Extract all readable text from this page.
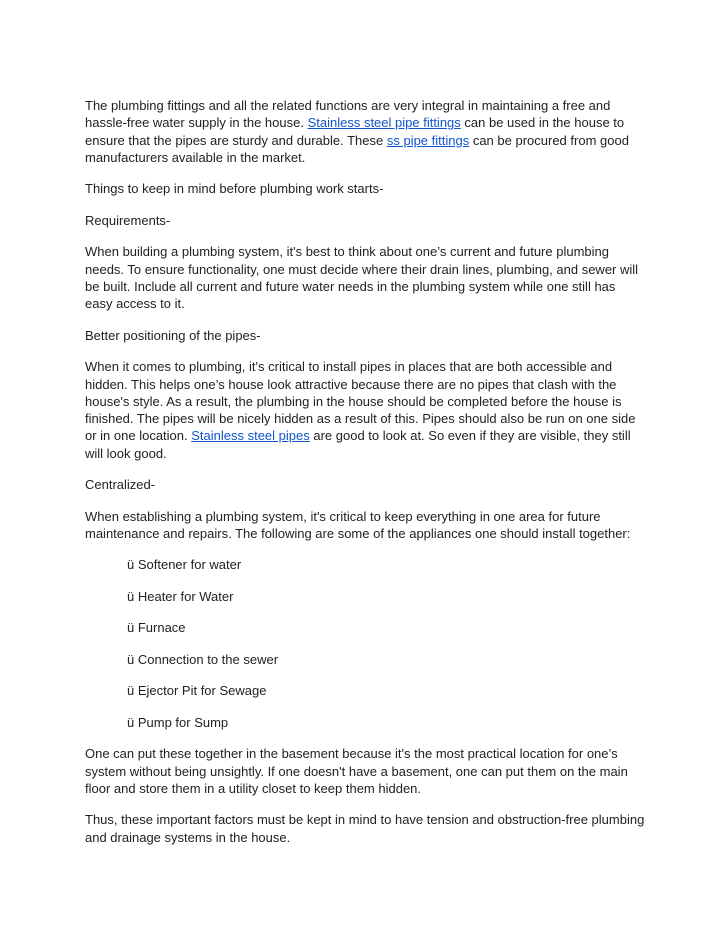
The plumbing fittings and all the related functions are very integral in maintaining a free and hassle-free water supply in the house. Stainless steel pipe fittings can be used in the house to ensure that the pipes are sturdy and durable. These ss pipe fittings can be procured from good manufacturers available in the market.

Things to keep in mind before plumbing work starts-

Requirements-

When building a plumbing system, it's best to think about one’s current and future plumbing needs. To ensure functionality, one must decide where their drain lines, plumbing, and sewer will be built. Include all current and future water needs in the plumbing system while one still has easy access to it.

Better positioning of the pipes-

When it comes to plumbing, it's critical to install pipes in places that are both accessible and hidden. This helps one’s house look attractive because there are no pipes that clash with the house's style. As a result, the plumbing in the house should be completed before the house is finished. The pipes will be nicely hidden as a result of this. Pipes should also be run on one side or in one location. Stainless steel pipes are good to look at. So even if they are visible, they still will look good.

Centralized-

When establishing a plumbing system, it's critical to keep everything in one area for future maintenance and repairs. The following are some of the appliances one should install together:

ü Softener for water
ü Heater for Water
ü Furnace
ü Connection to the sewer
ü Ejector Pit for Sewage
ü Pump for Sump

One can put these together in the basement because it's the most practical location for one’s system without being unsightly. If one doesn't have a basement, one can put them on the main floor and store them in a utility closet to keep them hidden.

Thus, these important factors must be kept in mind to have tension and obstruction-free plumbing and drainage systems in the house.
